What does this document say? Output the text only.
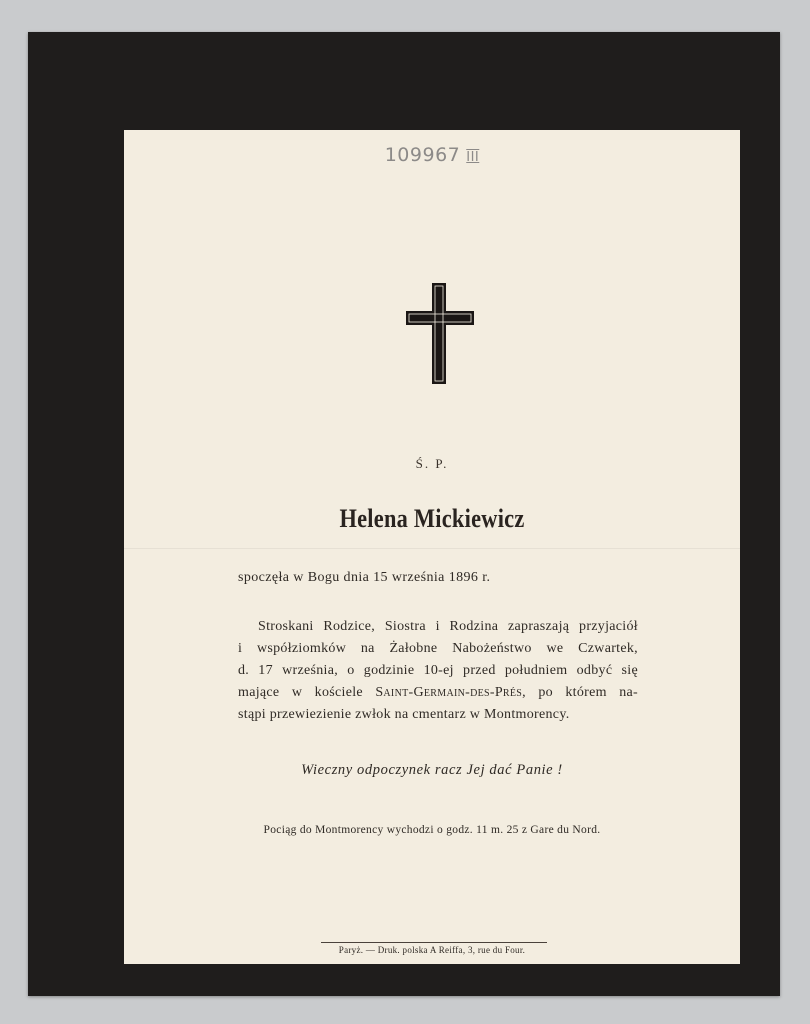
109967 III
Ś. P.
Helena Mickiewicz
spoczęła w Bogu dnia 15 września 1896 r.
Stroskani Rodzice, Siostra i Rodzina zapraszają przyjaciół
i współziomków na Żałobne Nabożeństwo we Czwartek,
d. 17 września, o godzinie 10-ej przed południem odbyć się
mające w kościele Saint-Germain-des-Prés, po którem na-
stąpi przewiezienie zwłok na cmentarz w Montmorency.
Wieczny odpoczynek racz Jej dać Panie !
Pociąg do Montmorency wychodzi o godz. 11 m. 25 z Gare du Nord.
Paryż. — Druk. polska A Reiffa, 3, rue du Four.
